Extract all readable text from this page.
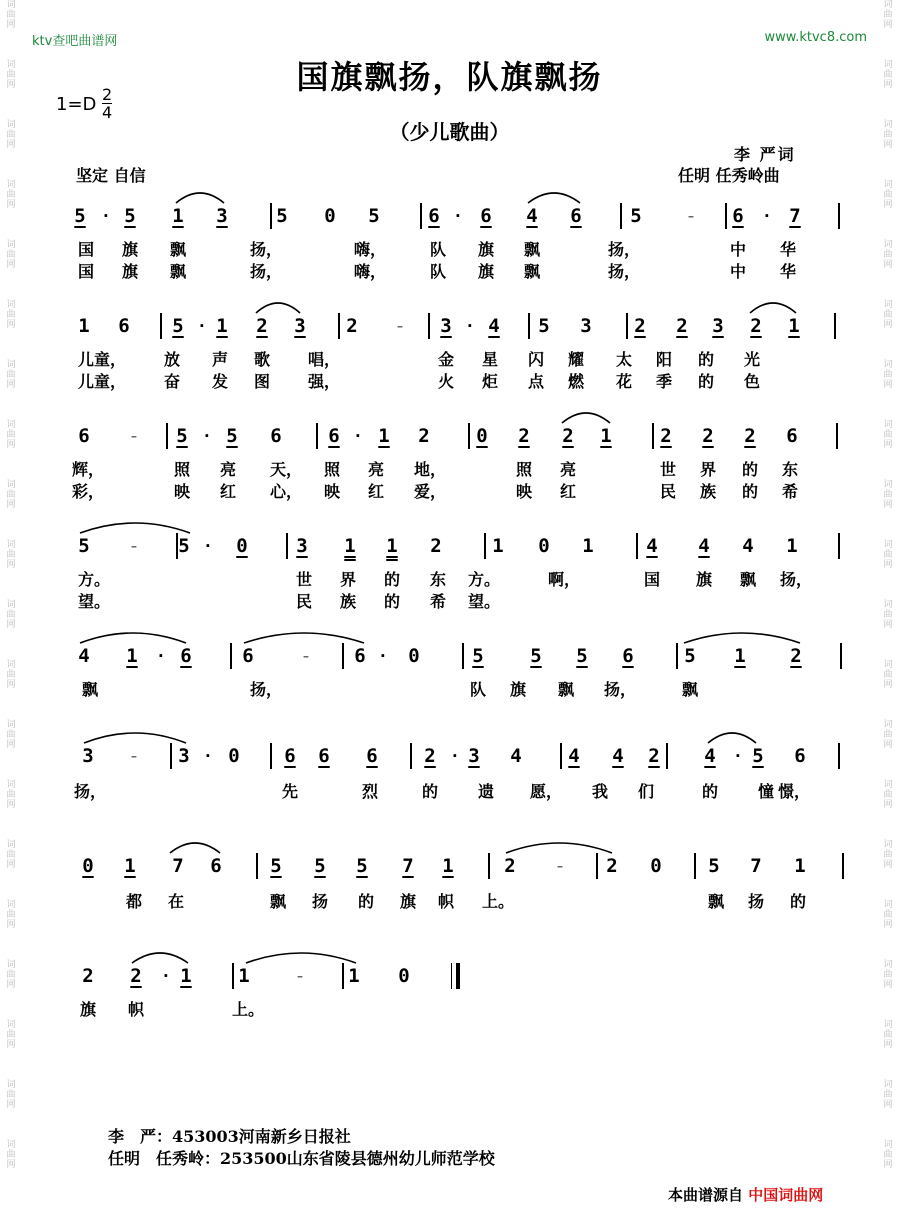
词
曲
网
词
曲
网
词
曲
网
词
曲
网
词
曲
网
词
曲
网
词
曲
网
词
曲
网
词
曲
网
词
曲
网
词
曲
网
词
曲
网
词
曲
网
词
曲
网
词
曲
网
词
曲
网
词
曲
网
词
曲
网
词
曲
网
词
曲
网
词
曲
网
词
曲
网
词
曲
网
词
曲
网
词
曲
网
词
曲
网
词
曲
网
词
曲
网
词
曲
网
词
曲
网
词
曲
网
词
曲
网
词
曲
网
词
曲
网
词
曲
网
词
曲
网
词
曲
网
词
曲
网
词
曲
网
词
曲
网
ktv查吧曲谱网	www.ktvc8.com
国旗飘扬，队旗飘扬
（少儿歌曲）
$1=D \frac{2}{4}$
李 严词
任明 任秀岭曲
坚定 自信
5 5 1 3	5 0 5	6 6 4 6	5 - 6 7
·	·	·
1 6 5 1 2 3 2 - 3 4 5 3 2 2 3 2 1
·	·
6 - 5 5 6 6 1 2 0 2 2 1	2 2 2 6
·	·
5 - 5 0	3 1 1 2	1 0 1	4 4 4 1
·
4 1 6	6 - 6 0	5 5 5 6	5 1 2
·	·
3 - 3 0 6 6 6 2 3 4 4 4 2 4 5 6
·	·	·
0 1 7 6	5 5 5 7 1	2 - 2 0 5 7 1
2 2 1 1 - 1 0
·
国 旗 飘	扬，	嗨，	队 旗 飘	扬，	中 华
国 旗 飘	扬，	嗨，	队 旗 飘	扬，	中 华
儿童， 放 声 歌 唱，	金 星 闪 耀 太 阳 的 光
儿童， 奋 发 图 强，	火 炬 点 燃 花 季 的 色
辉，	照 亮 天， 照 亮 地，	照 亮	世 界 的 东
彩，	映 红 心， 映 红 爱，	映 红	民 族 的 希
方。	世 界 的 东 方。	啊，	国 旗 飘 扬，
望。	民 族 的 希 望。
飘	扬，	队 旗 飘 扬，	飘
扬，	先	烈	的 遗 愿， 我 们	的 憧 憬，
都 在	飘 扬 的 旗 帜 上。	飘 扬 的
旗 帜	上。
李　严：453003河南新乡日报社
任明　任秀岭：253500山东省陵县德州幼儿师范学校
本曲谱源自 中国词曲网
